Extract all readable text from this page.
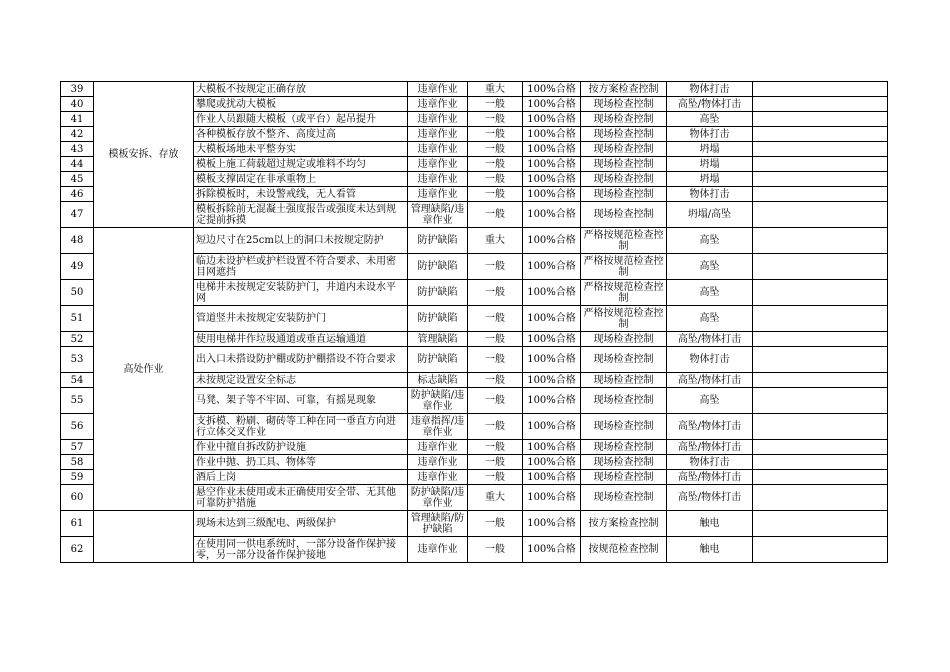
39	模板安拆、存放	大模板不按规定正确存放	违章作业	重大	100%合格	按方案检查控制	物体打击	
40		攀爬或扰动大模板	违章作业	一般	100%合格	现场检查控制	高坠/物体打击	
41		作业人员跟随大模板（或平台）起吊提升	违章作业	一般	100%合格	现场检查控制	高坠	
42		各种模板存放不整齐、高度过高	违章作业	一般	100%合格	现场检查控制	物体打击	
43		大模板场地未平整夯实	违章作业	一般	100%合格	现场检查控制	坍塌	
44		模板上施工荷载超过规定或堆料不均匀	违章作业	一般	100%合格	现场检查控制	坍塌	
45		模板支撑固定在非承重物上	违章作业	一般	100%合格	现场检查控制	坍塌	
46		拆除模板时，未设警戒线，无人看管	违章作业	一般	100%合格	现场检查控制	物体打击	
47		模板拆除前无混凝土强度报告或强度未达到规定提前拆摸	管理缺陷/违章作业	一般	100%合格	现场检查控制	坍塌/高坠	
48	高处作业	短边尺寸在25cm以上的洞口未按规定防护	防护缺陷	重大	100%合格	严格按规范检查控制	高坠	
49		临边未设护栏或护栏设置不符合要求、未用密目网遮挡	防护缺陷	一般	100%合格	严格按规范检查控制	高坠	
50		电梯井未按规定安装防护门，井道内未设水平网	防护缺陷	一般	100%合格	严格按规范检查控制	高坠	
51		管道竖井未按规定安装防护门	防护缺陷	一般	100%合格	严格按规范检查控制	高坠	
52		使用电梯井作垃圾通道或垂直运输通道	管理缺陷	一般	100%合格	现场检查控制	高坠/物体打击	
53		出入口未搭设防护棚或防护棚搭设不符合要求	防护缺陷	一般	100%合格	现场检查控制	物体打击	
54		未按规定设置安全标志	标志缺陷	一般	100%合格	现场检查控制	高坠/物体打击	
55		马凳、架子等不牢固、可靠，有摇晃现象	防护缺陷/违章作业	一般	100%合格	现场检查控制	高坠	
56		支拆模、粉刷、砌砖等工种在同一垂直方向进行立体交叉作业	违章指挥/违章作业	一般	100%合格	现场检查控制	高坠/物体打击	
57		作业中擅自拆改防护设施	违章作业	一般	100%合格	现场检查控制	高坠/物体打击	
58		作业中抛、扔工具、物体等	违章作业	一般	100%合格	现场检查控制	物体打击	
59		酒后上岗	违章作业	一般	100%合格	现场检查控制	高坠/物体打击	
60		悬空作业未使用或未正确使用安全带、无其他可靠防护措施	防护缺陷/违章作业	重大	100%合格	现场检查控制	高坠/物体打击	
61		现场未达到三级配电、两级保护	管理缺陷/防护缺陷	一般	100%合格	按方案检查控制	触电	
62		在使用同一供电系统时，一部分设备作保护接零，另一部分设备作保护接地	违章作业	一般	100%合格	按规范检查控制	触电	
